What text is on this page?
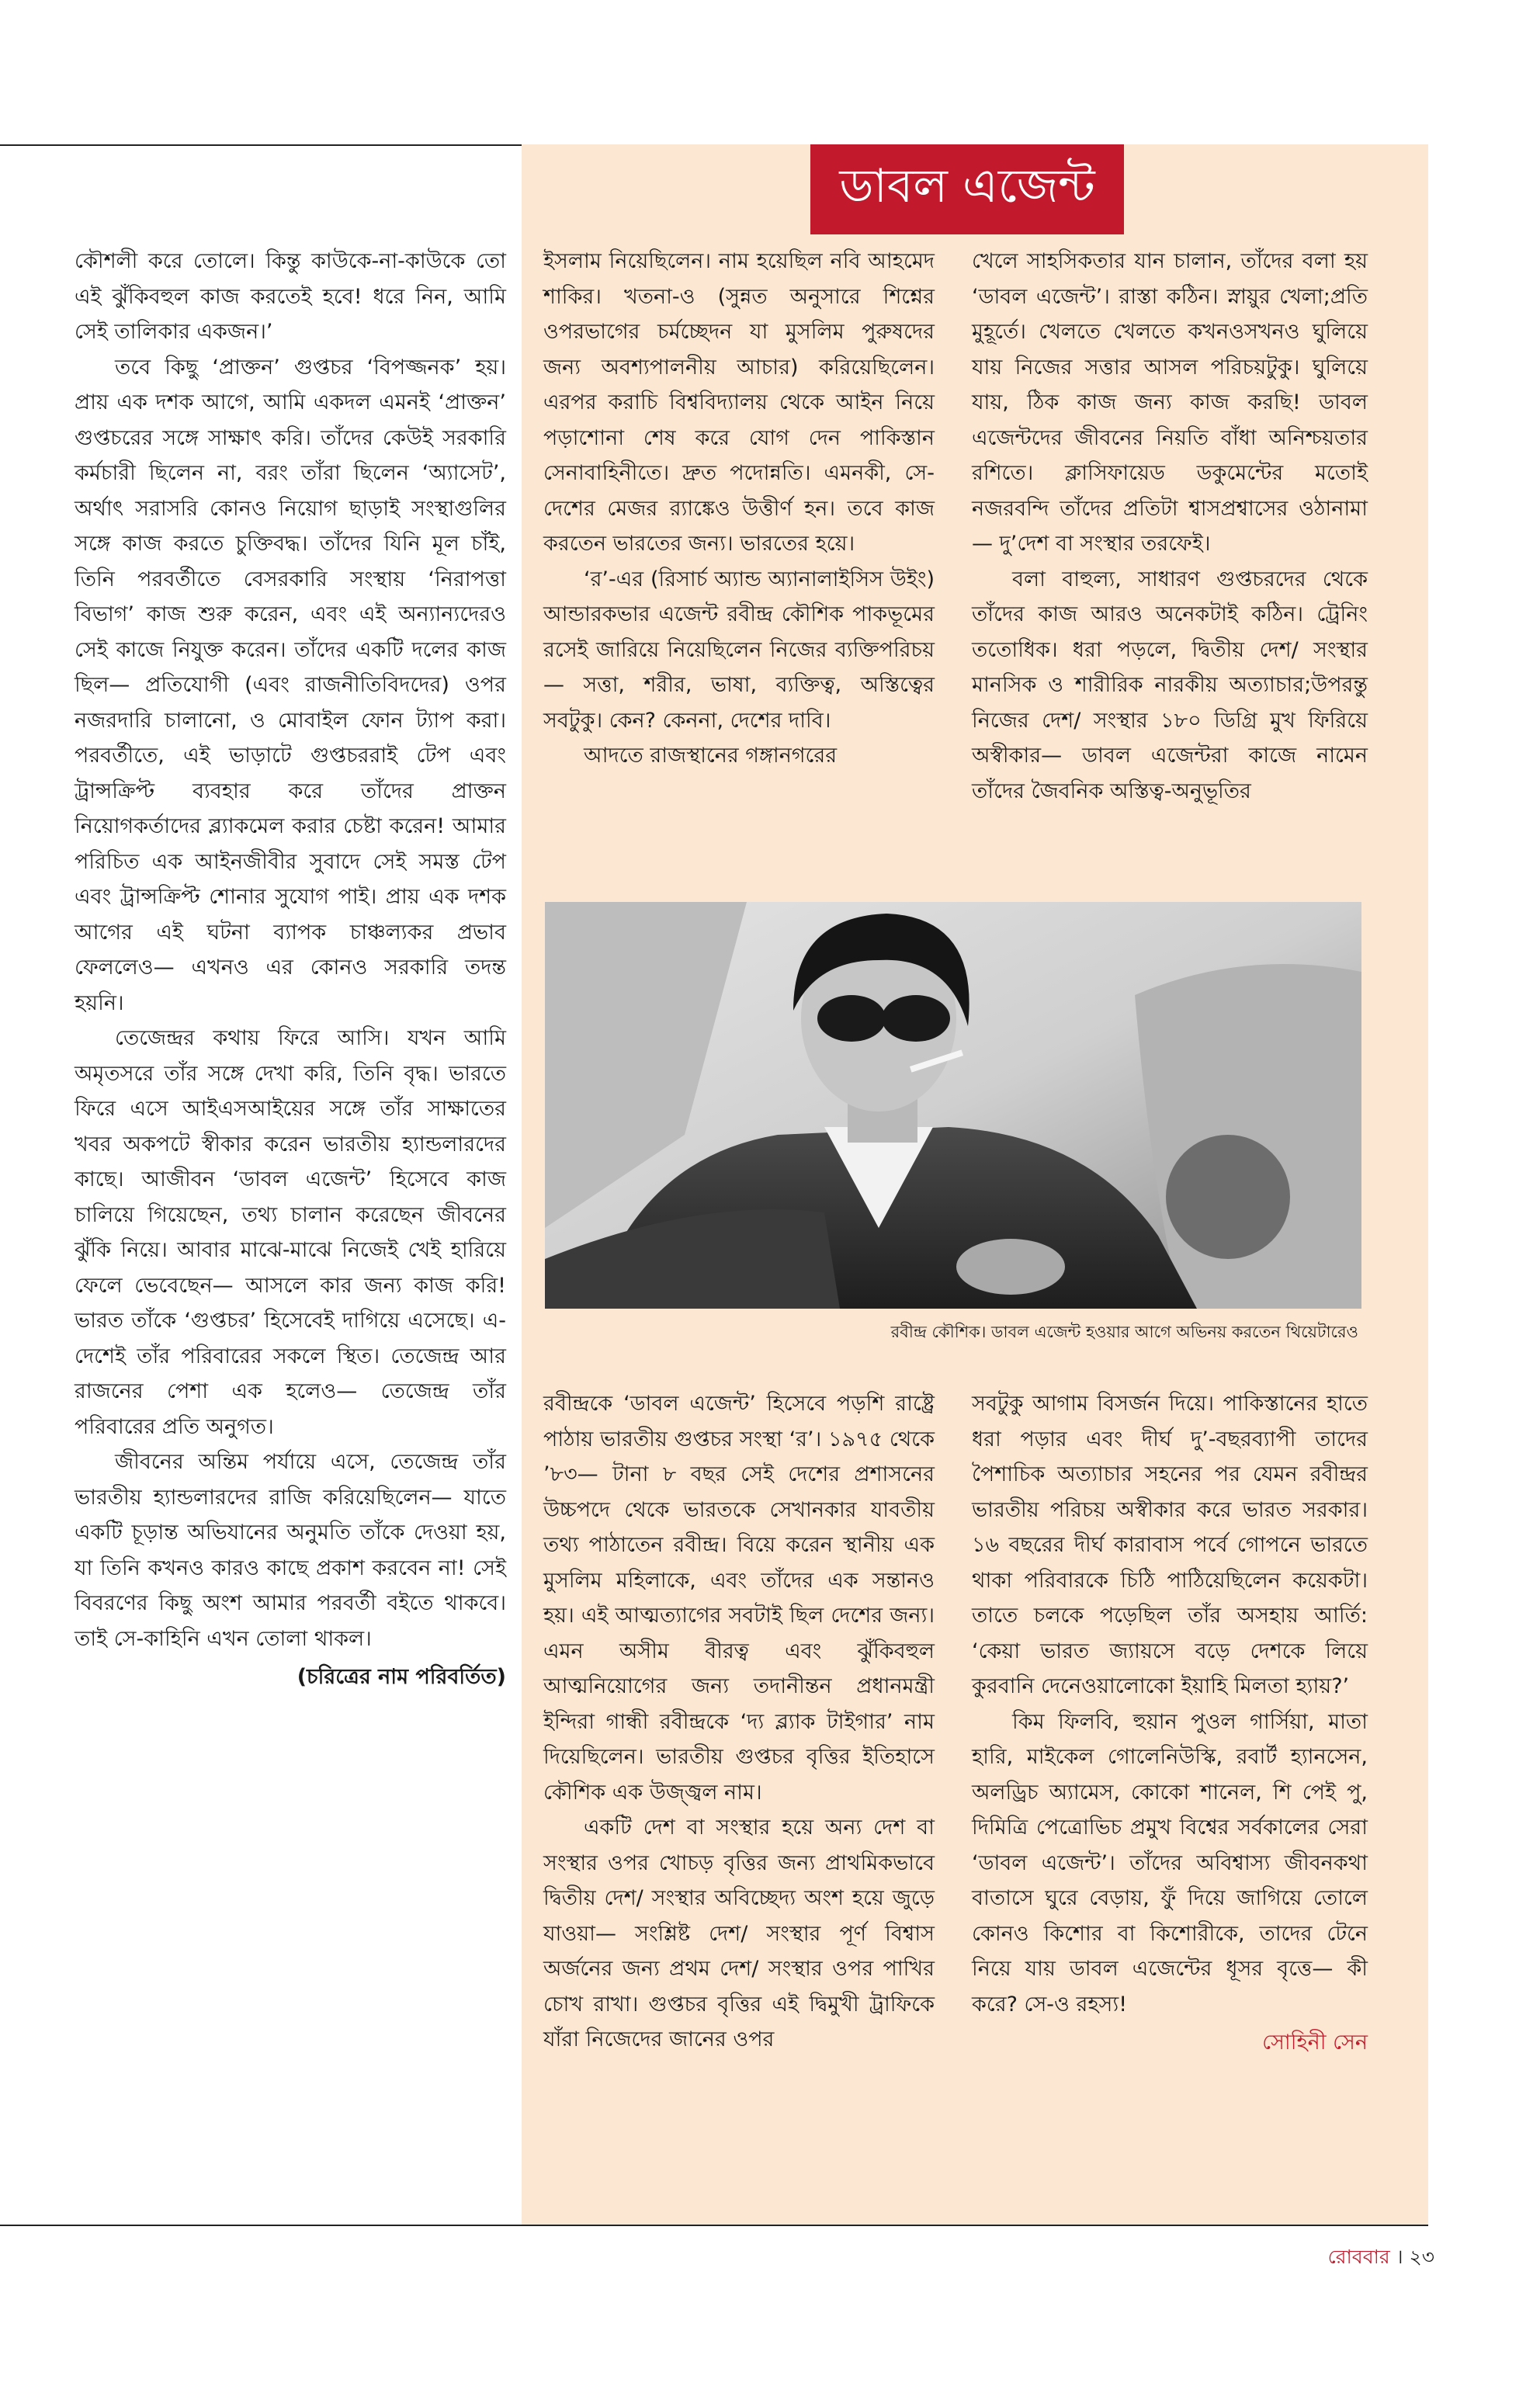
ডাবল এজেন্ট

কৌশলী করে তোলে। কিন্তু কাউকে-না-কাউকে তো এই ঝুঁকিবহুল কাজ করতেই হবে! ধরে নিন, আমি সেই তালিকার একজন।’

তবে কিছু ‘প্রাক্তন’ গুপ্তচর ‘বিপজ্জনক’ হয়। প্রায় এক দশক আগে, আমি একদল এমনই ‘প্রাক্তন’ গুপ্তচরের সঙ্গে সাক্ষাৎ করি। তাঁদের কেউই সরকারি কর্মচারী ছিলেন না, বরং তাঁরা ছিলেন ‘অ্যাসেট’, অর্থাৎ সরাসরি কোনও নিয়োগ ছাড়াই সংস্থাগুলির সঙ্গে কাজ করতে চুক্তিবদ্ধ। তাঁদের যিনি মূল চাঁই, তিনি পরবর্তীতে বেসরকারি সংস্থায় ‘নিরাপত্তা বিভাগ’ কাজ শুরু করেন, এবং এই অন্যান্যদেরও সেই কাজে নিযুক্ত করেন। তাঁদের একটি দলের কাজ ছিল— প্রতিযোগী (এবং রাজনীতিবিদদের) ওপর নজরদারি চালানো, ও মোবাইল ফোন ট্যাপ করা। পরবর্তীতে, এই ভাড়াটে গুপ্তচররাই টেপ এবং ট্রান্সক্রিপ্ট ব্যবহার করে তাঁদের প্রাক্তন নিয়োগকর্তাদের ব্ল্যাকমেল করার চেষ্টা করেন! আমার পরিচিত এক আইনজীবীর সুবাদে সেই সমস্ত টেপ এবং ট্রান্সক্রিপ্ট শোনার সুযোগ পাই। প্রায় এক দশক আগের এই ঘটনা ব্যাপক চাঞ্চল্যকর প্রভাব ফেললেও— এখনও এর কোনও সরকারি তদন্ত হয়নি।

তেজেন্দ্রর কথায় ফিরে আসি। যখন আমি অমৃতসরে তাঁর সঙ্গে দেখা করি, তিনি বৃদ্ধ। ভারতে ফিরে এসে আইএসআইয়ের সঙ্গে তাঁর সাক্ষাতের খবর অকপটে স্বীকার করেন ভারতীয় হ্যান্ডলারদের কাছে। আজীবন ‘ডাবল এজেন্ট’ হিসেবে কাজ চালিয়ে গিয়েছেন, তথ্য চালান করেছেন জীবনের ঝুঁকি নিয়ে। আবার মাঝে-মাঝে নিজেই খেই হারিয়ে ফেলে ভেবেছেন— আসলে কার জন্য কাজ করি! ভারত তাঁকে ‘গুপ্তচর’ হিসেবেই দাগিয়ে এসেছে। এ-দেশেই তাঁর পরিবারের সকলে স্থিত। তেজেন্দ্র আর রাজনের পেশা এক হলেও— তেজেন্দ্র তাঁর পরিবারের প্রতি অনুগত।

জীবনের অন্তিম পর্যায়ে এসে, তেজেন্দ্র তাঁর ভারতীয় হ্যান্ডলারদের রাজি করিয়েছিলেন— যাতে একটি চূড়ান্ত অভিযানের অনুমতি তাঁকে দেওয়া হয়, যা তিনি কখনও কারও কাছে প্রকাশ করবেন না! সেই বিবরণের কিছু অংশ আমার পরবর্তী বইতে থাকবে। তাই সে-কাহিনি এখন তোলা থাকল।

(চরিত্রের নাম পরিবর্তিত)

ইসলাম নিয়েছিলেন। নাম হয়েছিল নবি আহমেদ শাকির। খতনা-ও (সুন্নত অনুসারে শিশ্নের ওপরভাগের চর্মচ্ছেদন যা মুসলিম পুরুষদের জন্য অবশ্যপালনীয় আচার) করিয়েছিলেন। এরপর করাচি বিশ্ববিদ্যালয় থেকে আইন নিয়ে পড়াশোনা শেষ করে যোগ দেন পাকিস্তান সেনাবাহিনীতে। দ্রুত পদোন্নতি। এমনকী, সে-দেশের মেজর র‍্যাঙ্কেও উত্তীর্ণ হন। তবে কাজ করতেন ভারতের জন্য। ভারতের হয়ে।

‘র’-এর (রিসার্চ অ্যান্ড অ্যানালাইসিস উইং) আন্ডারকভার এজেন্ট রবীন্দ্র কৌশিক পাকভূমের রসেই জারিয়ে নিয়েছিলেন নিজের ব্যক্তিপরিচয়— সত্তা, শরীর, ভাষা, ব্যক্তিত্ব, অস্তিত্বের সবটুকু। কেন? কেননা, দেশের দাবি।

আদতে রাজস্থানের গঙ্গানগরের

খেলে সাহসিকতার যান চালান, তাঁদের বলা হয় ‘ডাবল এজেন্ট’। রাস্তা কঠিন। স্নায়ুর খেলা;প্রতি মুহূর্তে। খেলতে খেলতে কখনওসখনও ঘুলিয়ে যায় নিজের সত্তার আসল পরিচয়টুকু। ঘুলিয়ে যায়, ঠিক কাজ জন্য কাজ করছি! ডাবল এজেন্টদের জীবনের নিয়তি বাঁধা অনিশ্চয়তার রশিতে। ক্লাসিফায়েড ডকুমেন্টের মতোই নজরবন্দি তাঁদের প্রতিটা শ্বাসপ্রশ্বাসের ওঠানামা— দু’দেশ বা সংস্থার তরফেই।

বলা বাহুল্য, সাধারণ গুপ্তচরদের থেকে তাঁদের কাজ আরও অনেকটাই কঠিন। ট্রেনিং ততোধিক। ধরা পড়লে, দ্বিতীয় দেশ/ সংস্থার মানসিক ও শারীরিক নারকীয় অত্যাচার;উপরন্তু নিজের দেশ/ সংস্থার ১৮০ ডিগ্রি মুখ ফিরিয়ে অস্বীকার— ডাবল এজেন্টরা কাজে নামেন তাঁদের জৈবনিক অস্তিত্ব-অনুভূতির

রবীন্দ্র কৌশিক। ডাবল এজেন্ট হওয়ার আগে অভিনয় করতেন থিয়েটারেও

রবীন্দ্রকে ‘ডাবল এজেন্ট’ হিসেবে পড়শি রাষ্ট্রে পাঠায় ভারতীয় গুপ্তচর সংস্থা ‘র’। ১৯৭৫ থেকে ’৮৩— টানা ৮ বছর সেই দেশের প্রশাসনের উচ্চপদে থেকে ভারতকে সেখানকার যাবতীয় তথ্য পাঠাতেন রবীন্দ্র। বিয়ে করেন স্থানীয় এক মুসলিম মহিলাকে, এবং তাঁদের এক সন্তানও হয়। এই আত্মত্যাগের সবটাই ছিল দেশের জন্য। এমন অসীম বীরত্ব এবং ঝুঁকিবহুল আত্মনিয়োগের জন্য তদানীন্তন প্রধানমন্ত্রী ইন্দিরা গান্ধী রবীন্দ্রকে ‘দ্য ব্ল্যাক টাইগার’ নাম দিয়েছিলেন। ভারতীয় গুপ্তচর বৃত্তির ইতিহাসে কৌশিক এক উজ্জ্বল নাম।

একটি দেশ বা সংস্থার হয়ে অন্য দেশ বা সংস্থার ওপর খোচড় বৃত্তির জন্য প্রাথমিকভাবে দ্বিতীয় দেশ/ সংস্থার অবিচ্ছেদ্য অংশ হয়ে জুড়ে যাওয়া— সংশ্লিষ্ট দেশ/ সংস্থার পূর্ণ বিশ্বাস অর্জনের জন্য প্রথম দেশ/ সংস্থার ওপর পাখির চোখ রাখা। গুপ্তচর বৃত্তির এই দ্বিমুখী ট্রাফিকে যাঁরা নিজেদের জানের ওপর

সবটুকু আগাম বিসর্জন দিয়ে। পাকিস্তানের হাতে ধরা পড়ার এবং দীর্ঘ দু’-বছরব্যাপী তাদের পৈশাচিক অত্যাচার সহনের পর যেমন রবীন্দ্রর ভারতীয় পরিচয় অস্বীকার করে ভারত সরকার। ১৬ বছরের দীর্ঘ কারাবাস পর্বে গোপনে ভারতে থাকা পরিবারকে চিঠি পাঠিয়েছিলেন কয়েকটা। তাতে চলকে পড়েছিল তাঁর অসহায় আর্তি: ‘কেয়া ভারত জ্যায়সে বড়ে দেশকে লিয়ে কুরবানি দেনেওয়ালোকো ইয়াহি মিলতা হ্যায়?’

কিম ফিলবি, হুয়ান পুওল গার্সিয়া, মাতা হারি, মাইকেল গোলেনিউস্কি, রবার্ট হ্যানসেন, অলড্রিচ অ্যামেস, কোকো শানেল, শি পেই পু, দিমিত্রি পেত্রোভিচ প্রমুখ বিশ্বের সর্বকালের সেরা ‘ডাবল এজেন্ট’। তাঁদের অবিশ্বাস্য জীবনকথা বাতাসে ঘুরে বেড়ায়, ফুঁ দিয়ে জাগিয়ে তোলে কোনও কিশোর বা কিশোরীকে, তাদের টেনে নিয়ে যায় ডাবল এজেন্টের ধূসর বৃত্তে— কী করে? সে-ও রহস্য!

সোহিনী সেন

রোববার । ২৩
